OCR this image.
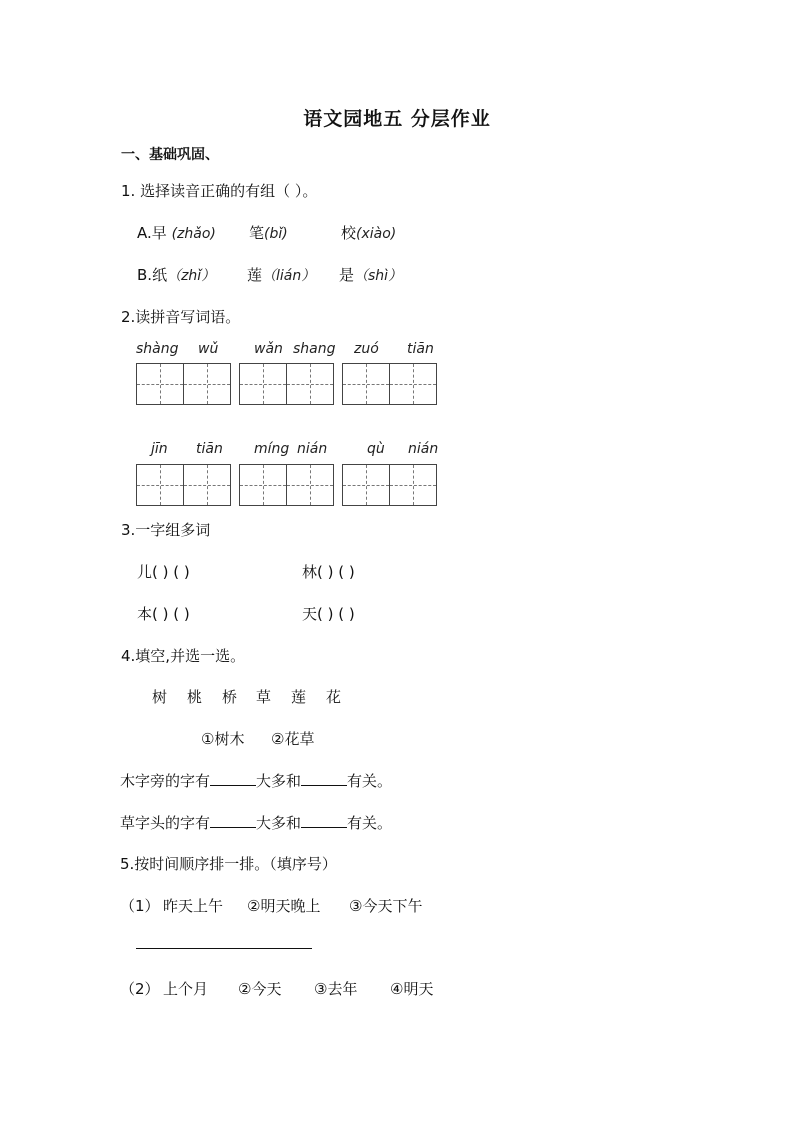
语文园地五 分层作业
一、基础巩固、
1. 选择读音正确的有组（ ）。
A.早 (zhǎo) 笔(bǐ)	校(xiào)
B.纸（zhǐ） 莲（lián） 是（shì）
2.读拼音写词语。
shàng wǔ	wǎn shang zuó tiān
jīn tiān míng nián	qù nián
3.一字组多词
儿( ) ( )	林( ) ( )
本( ) ( )	天( ) ( )
4.填空,并选一选。
树 桃 桥 草 莲 花
①树木 ②花草
木字旁的字有	大多和	有关。
草字头的字有	大多和	有关。
5.按时间顺序排一排。（填序号）
（1） 昨天上午 ②明天晚上 ③今天下午
（2） 上个月 ②今天 ③去年 ④明天
